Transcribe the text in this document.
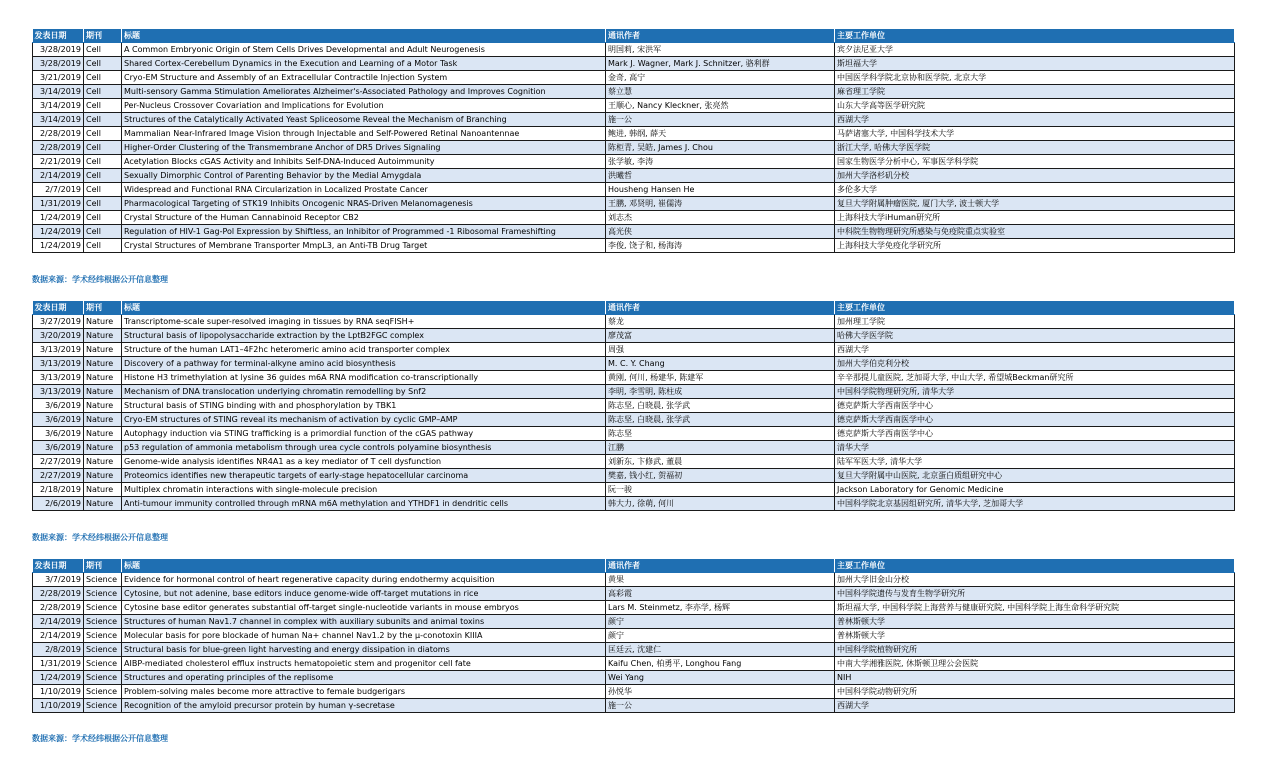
发表日期	期刊	标题	通讯作者	主要工作单位
3/28/2019	Cell	A Common Embryonic Origin of Stem Cells Drives Developmental and Adult Neurogenesis	明国莉, 宋洪军	宾夕法尼亚大学
3/28/2019	Cell	Shared Cortex-Cerebellum Dynamics in the Execution and Learning of a Motor Task	Mark J. Wagner, Mark J. Schnitzer, 骆利群	斯坦福大学
3/21/2019	Cell	Cryo-EM Structure and Assembly of an Extracellular Contractile Injection System	金奇, 高宁	中国医学科学院北京协和医学院, 北京大学
3/14/2019	Cell	Multi-sensory Gamma Stimulation Ameliorates Alzheimer's-Associated Pathology and Improves Cognition	蔡立慧	麻省理工学院
3/14/2019	Cell	Per-Nucleus Crossover Covariation and Implications for Evolution	王顺心, Nancy Kleckner, 张亮然	山东大学高等医学研究院
3/14/2019	Cell	Structures of the Catalytically Activated Yeast Spliceosome Reveal the Mechanism of Branching	施一公	西湖大学
2/28/2019	Cell	Mammalian Near-Infrared Image Vision through Injectable and Self-Powered Retinal Nanoantennae	鲍进, 韩纲, 薛天	马萨诸塞大学, 中国科学技术大学
2/28/2019	Cell	Higher-Order Clustering of the Transmembrane Anchor of DR5 Drives Signaling	陈柜青, 吴皓, James J. Chou	浙江大学, 哈佛大学医学院
2/21/2019	Cell	Acetylation Blocks cGAS Activity and Inhibits Self-DNA-Induced Autoimmunity	张学敏, 李涛	国家生物医学分析中心, 军事医学科学院
2/14/2019	Cell	Sexually Dimorphic Control of Parenting Behavior by the Medial Amygdala	洪曦哲	加州大学洛杉矶分校
2/7/2019	Cell	Widespread and Functional RNA Circularization in Localized Prostate Cancer	Housheng Hansen He	多伦多大学
1/31/2019	Cell	Pharmacological Targeting of STK19 Inhibits Oncogenic NRAS-Driven Melanomagenesis	王鹏, 邓贤明, 崔儒涛	复旦大学附属肿瘤医院, 厦门大学, 波士顿大学
1/24/2019	Cell	Crystal Structure of the Human Cannabinoid Receptor CB2	刘志杰	上海科技大学iHuman研究所
1/24/2019	Cell	Regulation of HIV-1 Gag-Pol Expression by Shiftless, an Inhibitor of Programmed -1 Ribosomal Frameshifting	高光侠	中科院生物物理研究所感染与免疫院重点实验室
1/24/2019	Cell	Crystal Structures of Membrane Transporter MmpL3, an Anti-TB Drug Target	李俊, 饶子和, 杨海涛	上海科技大学免疫化学研究所
数据来源：学术经纬根据公开信息整理
发表日期	期刊	标题	通讯作者	主要工作单位
3/27/2019	Nature	Transcriptome-scale super-resolved imaging in tissues by RNA seqFISH+	蔡龙	加州理工学院
3/20/2019	Nature	Structural basis of lipopolysaccharide extraction by the LptB2FGC complex	廖茂富	哈佛大学医学院
3/13/2019	Nature	Structure of the human LAT1–4F2hc heteromeric amino acid transporter complex	周强	西湖大学
3/13/2019	Nature	Discovery of a pathway for terminal-alkyne amino acid biosynthesis	M. C. Y. Chang	加州大学伯克利分校
3/13/2019	Nature	Histone H3 trimethylation at lysine 36 guides m6A RNA modification co-transcriptionally	黄刚, 何川, 杨建华, 陈建军	辛辛那提儿童医院, 芝加哥大学, 中山大学, 希望城Beckman研究所
3/13/2019	Nature	Mechanism of DNA translocation underlying chromatin remodelling by Snf2	李明, 李雪明, 陈柱成	中国科学院物理研究所, 清华大学
3/6/2019	Nature	Structural basis of STING binding with and phosphorylation by TBK1	陈志坚, 白晓晨, 张学武	德克萨斯大学西南医学中心
3/6/2019	Nature	Cryo-EM structures of STING reveal its mechanism of activation by cyclic GMP–AMP	陈志坚, 白晓晨, 张学武	德克萨斯大学西南医学中心
3/6/2019	Nature	Autophagy induction via STING trafficking is a primordial function of the cGAS pathway	陈志坚	德克萨斯大学西南医学中心
3/6/2019	Nature	p53 regulation of ammonia metabolism through urea cycle controls polyamine biosynthesis	江鹏	清华大学
2/27/2019	Nature	Genome-wide analysis identifies NR4A1 as a key mediator of T cell dysfunction	刘新东, 卞修武, 董晨	陆军军医大学, 清华大学
2/27/2019	Nature	Proteomics identifies new therapeutic targets of early-stage hepatocellular carcinoma	樊嘉, 钱小红, 贺福初	复旦大学附属中山医院, 北京蛋白质组研究中心
2/18/2019	Nature	Multiplex chromatin interactions with single-molecule precision	阮一骏	Jackson Laboratory for Genomic Medicine
2/6/2019	Nature	Anti-tumour immunity controlled through mRNA m6A methylation and YTHDF1 in dendritic cells	韩大力, 徐萌, 何川	中国科学院北京基因组研究所, 清华大学, 芝加哥大学
数据来源：学术经纬根据公开信息整理
发表日期	期刊	标题	通讯作者	主要工作单位
3/7/2019	Science	Evidence for hormonal control of heart regenerative capacity during endothermy acquisition	黄果	加州大学旧金山分校
2/28/2019	Science	Cytosine, but not adenine, base editors induce genome-wide off-target mutations in rice	高彩霞	中国科学院遗传与发育生物学研究所
2/28/2019	Science	Cytosine base editor generates substantial off-target single-nucleotide variants in mouse embryos	Lars M. Steinmetz, 李亦学, 杨辉	斯坦福大学, 中国科学院上海营养与健康研究院, 中国科学院上海生命科学研究院
2/14/2019	Science	Structures of human Nav1.7 channel in complex with auxiliary subunits and animal toxins	颜宁	普林斯顿大学
2/14/2019	Science	Molecular basis for pore blockade of human Na+ channel Nav1.2 by the μ-conotoxin KIIIA	颜宁	普林斯顿大学
2/8/2019	Science	Structural basis for blue-green light harvesting and energy dissipation in diatoms	匡廷云, 沈建仁	中国科学院植物研究所
1/31/2019	Science	AIBP-mediated cholesterol efflux instructs hematopoietic stem and progenitor cell fate	Kaifu Chen, 柏勇平, Longhou Fang	中南大学湘雅医院, 休斯顿卫理公会医院
1/24/2019	Science	Structures and operating principles of the replisome	Wei Yang	NIH
1/10/2019	Science	Problem-solving males become more attractive to female budgerigars	孙悦华	中国科学院动物研究所
1/10/2019	Science	Recognition of the amyloid precursor protein by human γ-secretase	施一公	西湖大学
数据来源：学术经纬根据公开信息整理
